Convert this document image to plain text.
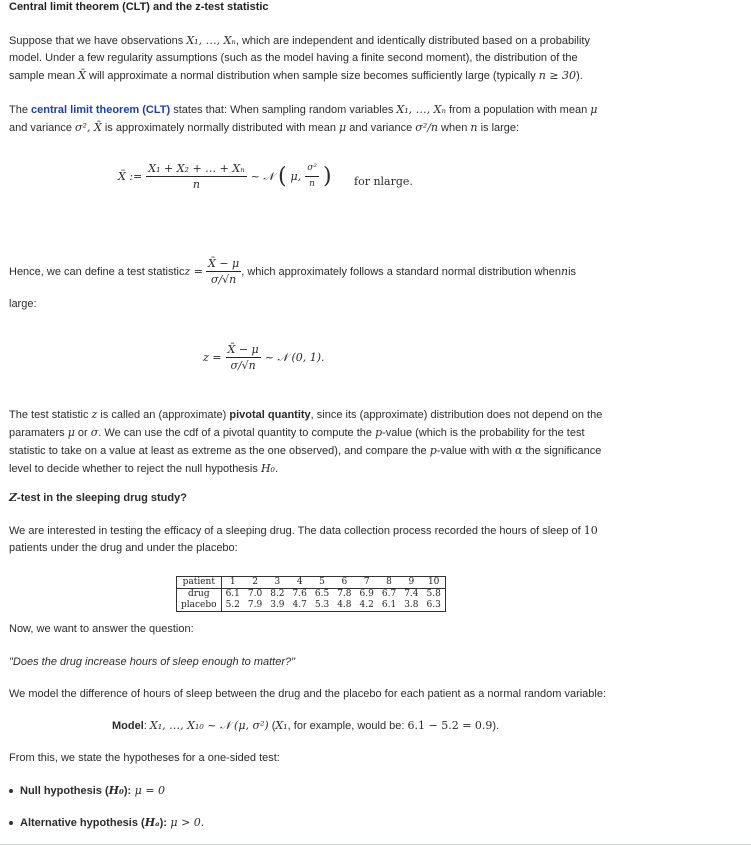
Central limit theorem (CLT) and the z-test statistic
Suppose that we have observations X₁, …, Xₙ, which are independent and identically distributed based on a probability
model. Under a few regularity assumptions (such as the model having a finite second moment), the distribution of the
sample mean X̄ will approximate a normal distribution when sample size becomes sufficiently large (typically n ≥ 30).
The central limit theorem (CLT) states that: When sampling random variables X₁, …, Xₙ from a population with mean μ
and variance σ², X̄ is approximately normally distributed with mean μ and variance σ²/n when n is large:
X̄ := $\frac{\text{X₁ + X₂ + … + Xₙ}}{n}$ ~ 𝒩 ( μ, $\frac{\text{σ²}}{n}$ ) for nlarge.
Hence, we can define a test statistic $z = \frac{X̄ - \mu}{\sigma/√n}$ , which approximately follows a standard normal distribution when n is
large:
$z = \frac{X̄ - \mu}{\sigma/√n}$ ~ 𝒩 (0, 1).
The test statistic z is called an (approximate) pivotal quantity, since its (approximate) distribution does not depend on the
paramaters μ or σ. We can use the cdf of a pivotal quantity to compute the p-value (which is the probability for the test
statistic to take on a value at least as extreme as the one observed), and compare the p-value with with α the significance
level to decide whether to reject the null hypothesis H₀.
Z-test in the sleeping drug study?
We are interested in testing the efficacy of a sleeping drug. The data collection process recorded the hours of sleep of 10
patients under the drug and under the placebo:
patient	1	2	3	4	5	6	7	8	9	10
drug	6.1	7.0	8.2	7.6	6.5	7.8	6.9	6.7	7.4	5.8
placebo	5.2	7.9	3.9	4.7	5.3	4.8	4.2	6.1	3.8	6.3
Now, we want to answer the question:
"Does the drug increase hours of sleep enough to matter?"
We model the difference of hours of sleep between the drug and the placebo for each patient as a normal random variable:
Model: X₁, …, X₁₀ ~ 𝒩 (μ, σ²) (X₁, for example, would be: 6.1 − 5.2 = 0.9).
From this, we state the hypotheses for a one-sided test:
Null hypothesis (H₀): μ = 0
Alternative hypothesis (Hₐ): μ > 0.
